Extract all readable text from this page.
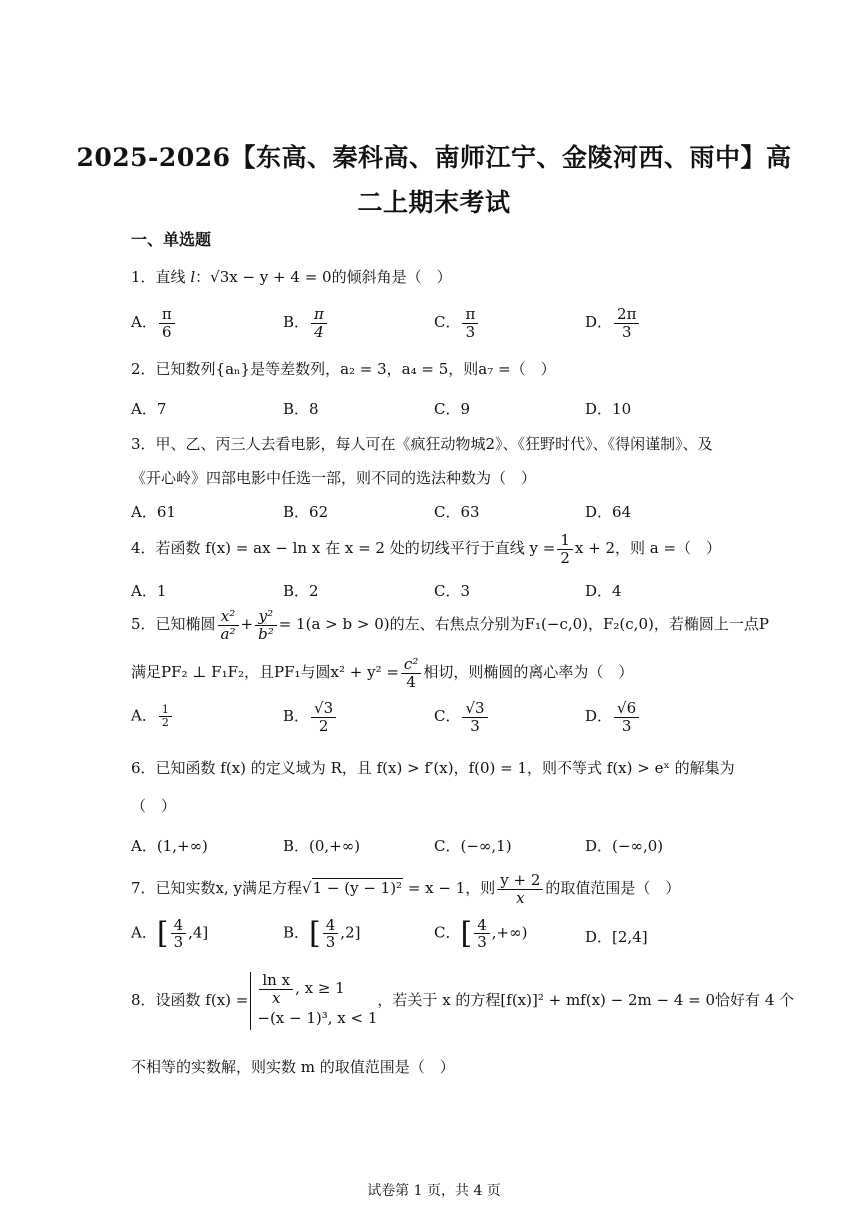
2025-2026【东高、秦科高、南师江宁、金陵河西、雨中】高
二上期末考试
一、单选题
1．直线 l：√3x − y + 4 = 0的倾斜角是（　）
A． $\frac{\pi}{6}$	B． $\frac{\pi}{4}$	C． $\frac{\pi}{3}$	D． $\frac{2\pi}{3}$
2．已知数列{aₙ}是等差数列，a₂ = 3，a₄ = 5，则a₇ =（　）
A．7	B．8	C．9	D．10
3．甲、乙、丙三人去看电影，每人可在《疯狂动物城2》、《狂野时代》、《得闲谨制》、及
《开心岭》四部电影中任选一部，则不同的选法种数为（　）
A．61	B．62	C．63	D．64
4．若函数 f(x) = ax − ln x 在 x = 2 处的切线平行于直线 $y = \frac{1}{2}$ x + 2，则 a =（　）
A．1	B．2	C．3	D．4
5．已知椭圆 $\frac{\text{x²}}{\text{a²}} + \frac{\text{y²}}{\text{b²}} = 1(a > b > 0)$的左、右焦点分别为F₁(−c,0)，F₂(c,0)，若椭圆上一点P
满足PF₂ ⊥ F₁F₂，且PF₁与圆$x^2 + y^2 = \frac{\text{c²}}{4}$ 相切，则椭圆的离心率为（　）
A． $\frac{1}{2}$	B． $\frac{√3}{2}$	C． $\frac{√3}{3}$	D． $\frac{√6}{3}$
6．已知函数 f(x) 的定义域为 R，且 f(x) > f′(x)，f(0) = 1，则不等式 f(x) > eˣ 的解集为
（　）
A．(1,+∞)	B．(0,+∞)	C．(−∞,1)	D．(−∞,0)
7．已知实数x, y满足方程√1 − (y − 1)² = x − 1，则 $\frac{y + 2}{x}$ 的取值范围是（　）
A．[ $\frac{4}{3} ,4$]	B．[ $\frac{4}{3} ,2$]	C．[ $\frac{4}{3}$ ,+∞)	D．[2,4]
8．设函数 $f(x) = \frac{\text{ln x}}{x}$ , x ≥ 1
−(x − 1)³, x < 1
，若关于 x 的方程[f(x)]² + mf(x) − 2m − 4 = 0恰好有 4 个
不相等的实数解，则实数 m 的取值范围是（　）
试卷第 1 页，共 4 页
